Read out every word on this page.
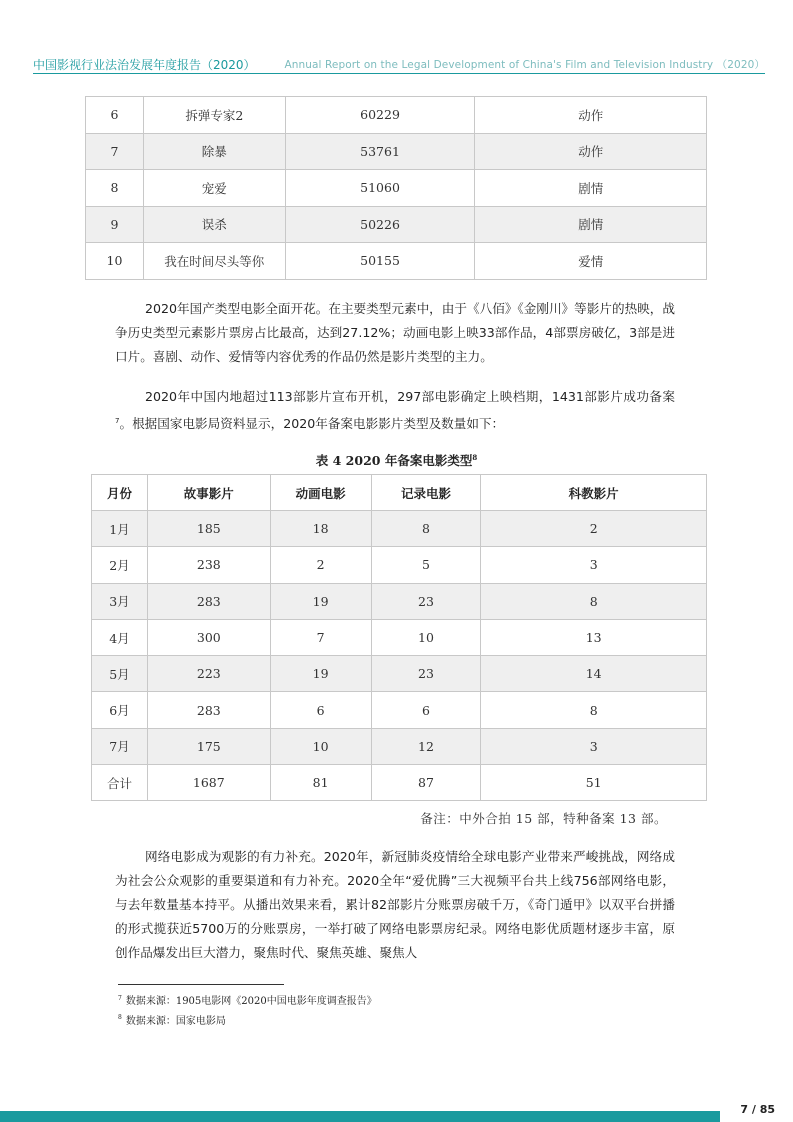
中国影视行业法治发展年度报告（2020）	Annual Report on the Legal Development of China's Film and Television Industry （2020）
6	拆弹专家2	60229	动作
7	除暴	53761	动作
8	宠爱	51060	剧情
9	误杀	50226	剧情
10	我在时间尽头等你	50155	爱情

2020年国产类型电影全面开花。在主要类型元素中，由于《八佰》《金刚川》等影片的热映，战争历史类型元素影片票房占比最高，达到27.12%；动画电影上映33部作品，4部票房破亿，3部是进口片。喜剧、动作、爱情等内容优秀的作品仍然是影片类型的主力。

2020年中国内地超过113部影片宣布开机，297部电影确定上映档期，1431部影片成功备案$^7$。根据国家电影局资料显示，2020年备案电影影片类型及数量如下：

表 4 2020 年备案电影类型$^8$
月份	故事影片	动画电影	记录电影	科教影片
1月	185	18	8	2
2月	238	2	5	3
3月	283	19	23	8
4月	300	7	10	13
5月	223	19	23	14
6月	283	6	6	8
7月	175	10	12	3
合计	1687	81	87	51
备注：中外合拍 15 部，特种备案 13 部。

网络电影成为观影的有力补充。2020年，新冠肺炎疫情给全球电影产业带来严峻挑战，网络成为社会公众观影的重要渠道和有力补充。2020全年“爱优腾”三大视频平台共上线756部网络电影，与去年数量基本持平。从播出效果来看，累计82部影片分账票房破千万，《奇门遁甲》以双平台拼播的形式揽获近5700万的分账票房，一举打破了网络电影票房纪录。网络电影优质题材逐步丰富，原创作品爆发出巨大潜力，聚焦时代、聚焦英雄、聚焦人

$^7$ 数据来源：1905电影网《2020中国电影年度调查报告》
$^8$ 数据来源：国家电影局
7 / 85
